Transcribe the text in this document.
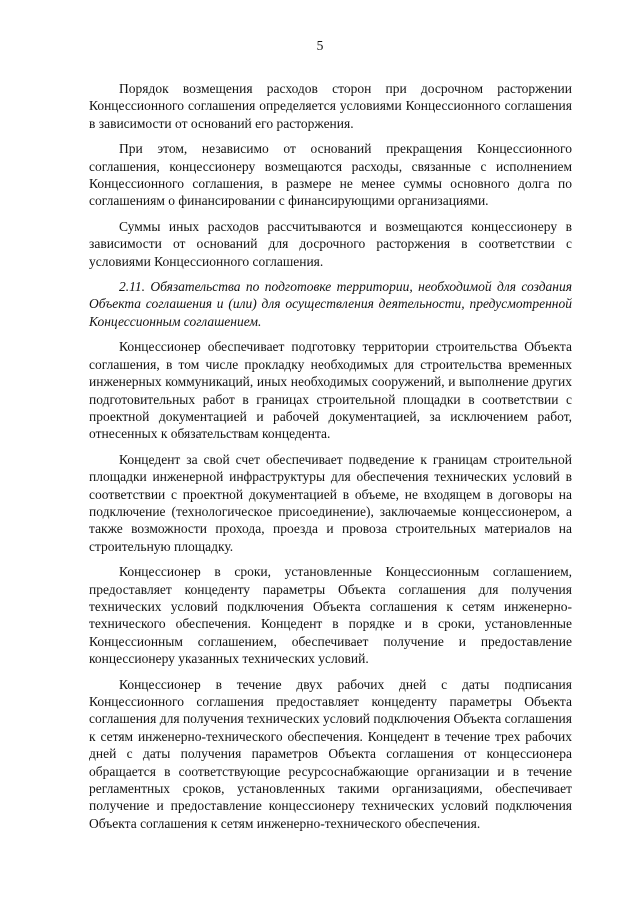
5

Порядок возмещения расходов сторон при досрочном расторжении Концессионного соглашения определяется условиями Концессионного соглашения в зависимости от оснований его расторжения.

При этом, независимо от оснований прекращения Концессионного соглашения, концессионеру возмещаются расходы, связанные с исполнением Концессионного соглашения, в размере не менее суммы основного долга по соглашениям о финансировании с финансирующими организациями.

Суммы иных расходов рассчитываются и возмещаются концессионеру в зависимости от оснований для досрочного расторжения в соответствии с условиями Концессионного соглашения.

2.11. Обязательства по подготовке территории, необходимой для создания Объекта соглашения и (или) для осуществления деятельности, предусмотренной Концессионным соглашением.

Концессионер обеспечивает подготовку территории строительства Объекта соглашения, в том числе прокладку необходимых для строительства временных инженерных коммуникаций, иных необходимых сооружений, и выполнение других подготовительных работ в границах строительной площадки в соответствии с проектной документацией и рабочей документацией, за исключением работ, отнесенных к обязательствам концедента.

Концедент за свой счет обеспечивает подведение к границам строительной площадки инженерной инфраструктуры для обеспечения технических условий в соответствии с проектной документацией в объеме, не входящем в договоры на подключение (технологическое присоединение), заключаемые концессионером, а также возможности прохода, проезда и провоза строительных материалов на строительную площадку.

Концессионер в сроки, установленные Концессионным соглашением, предоставляет концеденту параметры Объекта соглашения для получения технических условий подключения Объекта соглашения к сетям инженерно-технического обеспечения. Концедент в порядке и в сроки, установленные Концессионным соглашением, обеспечивает получение и предоставление концессионеру указанных технических условий.

Концессионер в течение двух рабочих дней с даты подписания Концессионного соглашения предоставляет концеденту параметры Объекта соглашения для получения технических условий подключения Объекта соглашения к сетям инженерно-технического обеспечения. Концедент в течение трех рабочих дней с даты получения параметров Объекта соглашения от концессионера обращается в соответствующие ресурсоснабжающие организации и в течение регламентных сроков, установленных такими организациями, обеспечивает получение и предоставление концессионеру технических условий подключения Объекта соглашения к сетям инженерно-технического обеспечения.
